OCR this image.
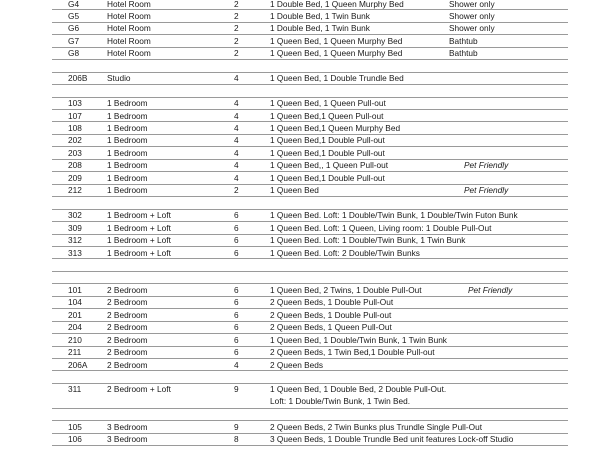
G4	Hotel Room	2	1 Double Bed, 1 Queen Murphy Bed	Shower only
G5	Hotel Room	2	1 Double Bed, 1 Twin Bunk	Shower only
G6	Hotel Room	2	1 Double Bed, 1 Twin Bunk	Shower only
G7	Hotel Room	2	1 Queen Bed, 1 Queen Murphy Bed	Bathtub
G8	Hotel Room	2	1 Queen Bed, 1 Queen Murphy Bed	Bathtub
206B Studio	4	1 Queen Bed, 1 Double Trundle Bed
103	1 Bedroom	4	1 Queen Bed, 1 Queen Pull-out
107	1 Bedroom	4	1 Queen Bed,1 Queen Pull-out
108	1 Bedroom	4	1 Queen Bed,1 Queen Murphy Bed
202	1 Bedroom	4	1 Queen Bed,1 Double Pull-out
203	1 Bedroom	4	1 Queen Bed,1 Double Pull-out
208	1 Bedroom	4	1 Queen Bed,, 1 Queen Pull-out	Pet Friendly
209	1 Bedroom	4	1 Queen Bed,1 Double Pull-out
212	1 Bedroom	2	1 Queen Bed	Pet Friendly
302	1 Bedroom + Loft	6	1 Queen Bed. Loft: 1 Double/Twin Bunk, 1 Double/Twin Futon Bunk
309	1 Bedroom + Loft	6	1 Queen Bed. Loft: 1 Queen, Living room: 1 Double Pull-Out
312	1 Bedroom + Loft	6	1 Queen Bed. Loft: 1 Double/Twin Bunk, 1 Twin Bunk
313	1 Bedroom + Loft	6	1 Queen Bed. Loft: 2 Double/Twin Bunks
101	2 Bedroom	6	1 Queen Bed, 2 Twins, 1 Double Pull-Out	Pet Friendly
104	2 Bedroom	6	2 Queen Beds, 1 Double Pull-Out
201	2 Bedroom	6	2 Queen Beds, 1 Double Pull-out
204	2 Bedroom	6	2 Queen Beds, 1 Queen Pull-Out
210	2 Bedroom	6	1 Queen Bed, 1 Double/Twin Bunk, 1 Twin Bunk
211	2 Bedroom	6	2 Queen Beds, 1 Twin Bed,1 Double Pull-out
206A 2 Bedroom	4	2 Queen Beds
311	2 Bedroom + Loft	9	1 Queen Bed, 1 Double Bed, 2 Double Pull-Out.
Loft: 1 Double/Twin Bunk, 1 Twin Bed.
105	3 Bedroom	9	2 Queen Beds, 2 Twin Bunks plus Trundle Single Pull-Out
106	3 Bedroom	8	3 Queen Beds, 1 Double Trundle Bed unit features Lock-off Studio
